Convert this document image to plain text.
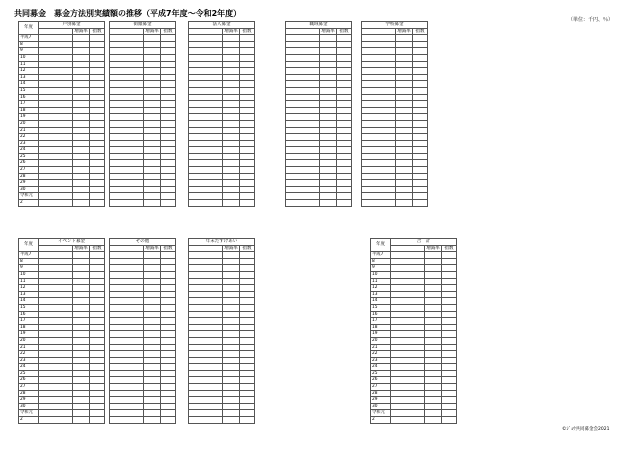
共同募金　募金方法別実績額の推移（平成7年度～令和2年度）
（単位：千円、％）
©ｼﾞｮｳ共同募金会2021
年度	戸別募金		
		増減率	指数
平成7			
8			
9			
10			
11			
12			
13			
14			
15			
16			
17			
18			
19			
20			
21			
22			
23			
24			
25			
26			
27			
28			
29			
30			
令和元			
2			
街頭募金		
	増減率	指数

法人募金		
	増減率	指数

職域募金		
	増減率	指数

学校募金		
	増減率	指数

年度	イベント募金		
		増減率	指数
平成7			
8			
9			
10			
11			
12			
13			
14			
15			
16			
17			
18			
19			
20			
21			
22			
23			
24			
25			
26			
27			
28			
29			
30			
令和元			
2			
その他		
	増減率	指数

年末たすけあい		
	増減率	指数

年度	合　計		
		増減率	指数
平成7			
8			
9			
10			
11			
12			
13			
14			
15			
16			
17			
18			
19			
20			
21			
22			
23			
24			
25			
26			
27			
28			
29			
30			
令和元			
2			
